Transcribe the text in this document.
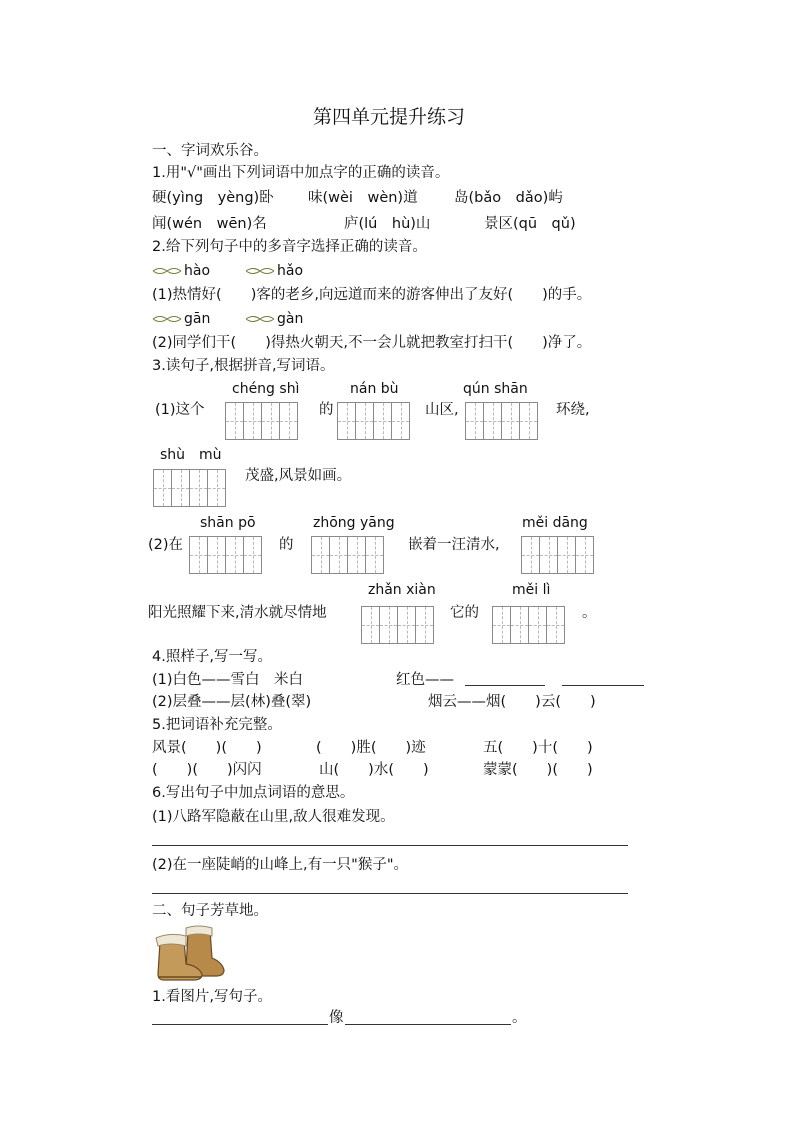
第四单元提升练习
一、字词欢乐谷。
1.用"√"画出下列词语中加点字的正确的读音。
硬(yìng　yèng)卧 味(wèi　wèn)道	岛(bǎo　dǎo)屿
闻(wén　wēn)名	庐(lú　hù)山	景区(qū　qǔ)
2.给下列句子中的多音字选择正确的读音。
hào	hǎo
(1)热情好(　　)客的老乡,向远道而来的游客伸出了友好(　　)的手。
gān	gàn
(2)同学们干(　　)得热火朝天,不一会儿就把教室打扫干(　　)净了。
3.读句子,根据拼音,写词语。
chéng shì	nán bù	qún shān
(1)这个	的	山区,	环绕,
shù　mù
茂盛,风景如画。
shān pō	zhōng yāng	měi dāng
(2)在	的	嵌着一汪清水,
zhǎn xiàn	měi lì
阳光照耀下来,清水就尽情地	它的	。
4.照样子,写一写。
(1)白色——雪白　米白	红色——
(2)层叠——层(林)叠(翠)	烟云——烟(　　)云(　　)
5.把词语补充完整。
风景(　　)(　　)	(　　)胜(　　)迹	五(　　)十(　　)
(　　)(　　)闪闪	山(　　)水(　　)	蒙蒙(　　)(　　)
6.写出句子中加点词语的意思。
(1)八路军隐蔽在山里,敌人很难发现。
(2)在一座陡峭的山峰上,有一只"猴子"。
二、句子芳草地。
1.看图片,写句子。
像	。
